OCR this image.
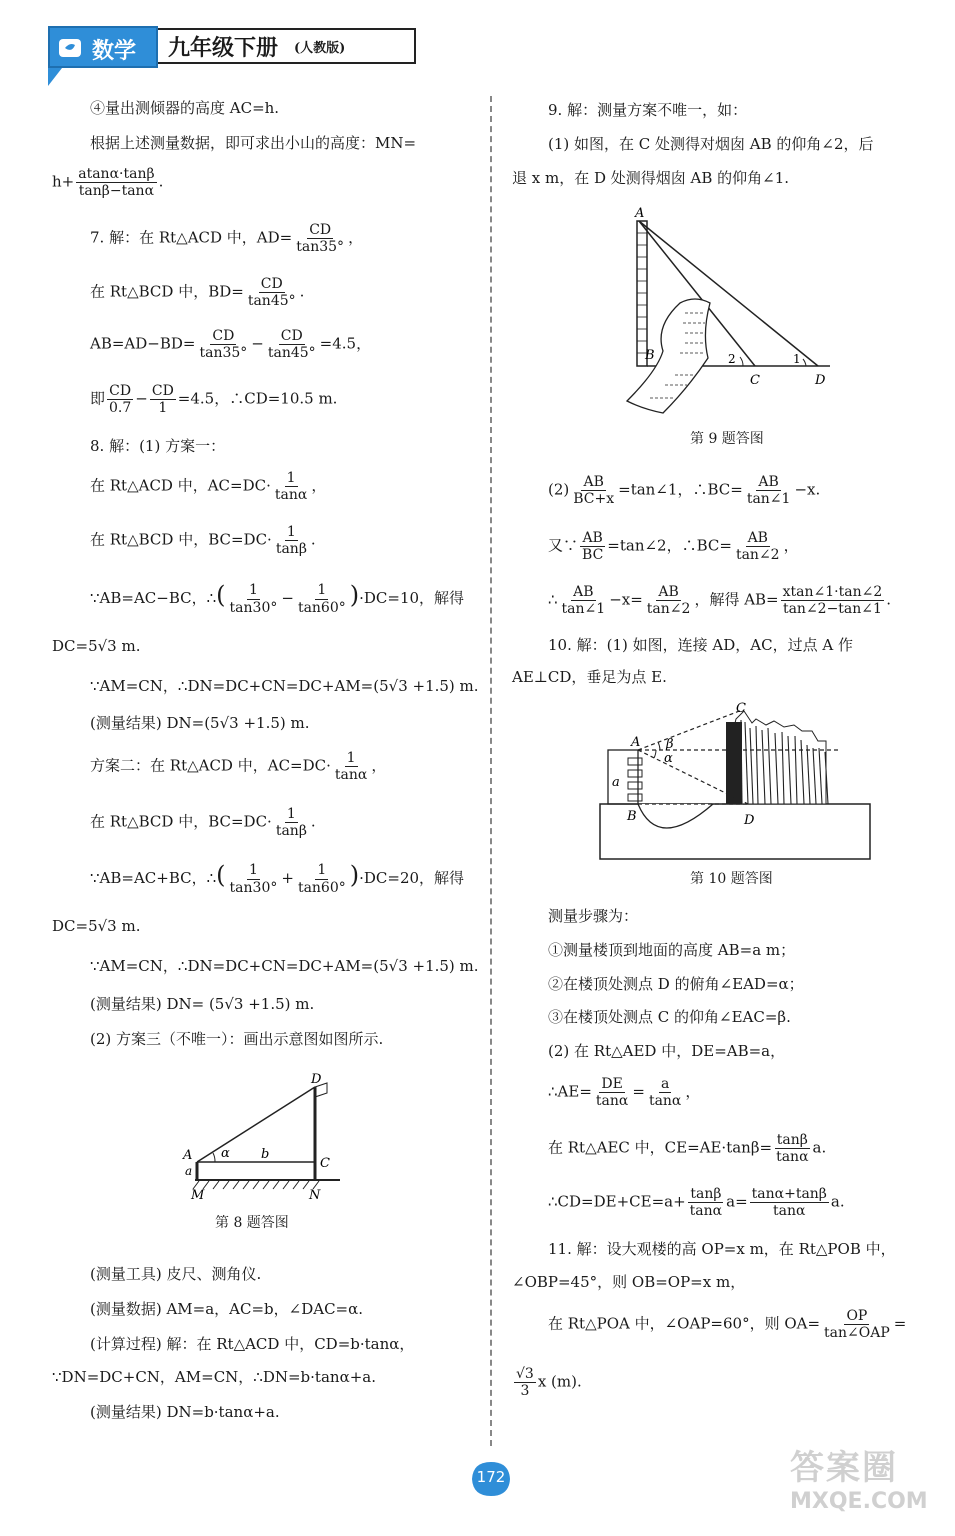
数学 九年级下册 (人教版)
④量出测倾器的高度 AC=h.
根据上述测量数据，即可求出小山的高度：MN=
$h+ \frac{atan\alpha\cdot\tan\beta}{\tan\beta-\tan\alpha}$ .
7. 解：在 Rt△ACD 中，$AD= \frac{CD}{\tan 35^\circ}$ ，
在 Rt△BCD 中，$BD= \frac{CD}{\tan 45^\circ}$ .
$AB=AD-BD= \frac{CD}{\tan 35^\circ} - \frac{CD}{\tan 45^\circ} =4.5$，
即 $\frac{CD}{0.7} - \frac{CD}{1} =4.5$，∴CD=10.5 m.
8. 解：(1) 方案一：
在 Rt△ACD 中，$AC=DC\cdot \frac{1}{\tan\alpha}$ ，
在 Rt△BCD 中，$BC=DC\cdot \frac{1}{\tan\beta}$ .
∵AB=AC−BC，∴( $\frac{1}{\tan 30^\circ} - \frac{1}{\tan 60^\circ} )\cdot DC=10$，解得
DC=5√3 m.
∵AM=CN，∴DN=DC+CN=DC+AM=(5√3 +1.5) m.
(测量结果) DN=(5√3 +1.5) m.
方案二：在 Rt△ACD 中，$AC=DC\cdot \frac{1}{\tan\alpha}$ ，
在 Rt△BCD 中，$BC=DC\cdot \frac{1}{\tan\beta}$ .
∵AB=AC+BC，∴( $\frac{1}{\tan 30^\circ} + \frac{1}{\tan 60^\circ} )\cdot DC=20$，解得
DC=5√3 m.
∵AM=CN，∴DN=DC+CN=DC+AM=(5√3 +1.5) m.
(测量结果) DN= (5√3 +1.5) m.
(2) 方案三（不唯一）：画出示意图如图所示.
D
A
a
α b
C
M	N
第 8 题答图
(测量工具) 皮尺、测角仪.
(测量数据) AM=a，AC=b，∠DAC=α.
(计算过程) 解：在 Rt△ACD 中，CD=b·tanα，
∵DN=DC+CN，AM=CN，∴DN=b·tanα+a.
(测量结果) DN=b·tanα+a.
9. 解：测量方案不唯一，如：
(1) 如图，在 C 处测得对烟囱 AB 的仰角∠2，后
退 x m，在 D 处测得烟囱 AB 的仰角∠1.
A
B
C	D
2	1
第 9 题答图
$(2) \frac{AB}{BC+x}$ =tan∠1，∴BC= $\frac{AB}{\tan\angle 1} -x$.
又∵ $\frac{AB}{BC}$ =tan∠2，∴BC= $\frac{AB}{\tan\angle 2}$ ，
∴ $\frac{AB}{\tan\angle 1} -x= \frac{AB}{\tan\angle 2}$ ，解得 $AB= \frac{xtan\angle 1\cdot\tan\angle 2}{\tan\angle 2-\tan\angle 1}$ .
10. 解：(1) 如图，连接 AD，AC，过点 A 作
AE⊥CD，垂足为点 E.
A
B
C
D
a
α
β
第 10 题答图
测量步骤为：
①测量楼顶到地面的高度 AB=a m；
②在楼顶处测点 D 的俯角∠EAD=α；
③在楼顶处测点 C 的仰角∠EAC=β.
(2) 在 Rt△AED 中，DE=AB=a，
∴AE= $\frac{DE}{\tan\alpha} = \frac{a}{\tan\alpha}$ ，
在 Rt△AEC 中，$CE=AE\cdot\tan\beta= \frac{\tan\beta}{\tan\alpha} a$.
∴CD=DE+CE=a+ $\frac{\tan\beta}{\tan\alpha} a= \frac{\tan\alpha+\tan\beta}{\tan\alpha} a$.
11. 解：设大观楼的高 OP=x m，在 Rt△POB 中，
∠OBP=45°，则 OB=OP=x m，
在 Rt△POA 中，∠OAP=60°，则 $OA= \frac{OP}{\text{tan∠OAP}}$ =
$\frac{√3}{3}$ x (m).
172	答案圈
MXQE.COM
